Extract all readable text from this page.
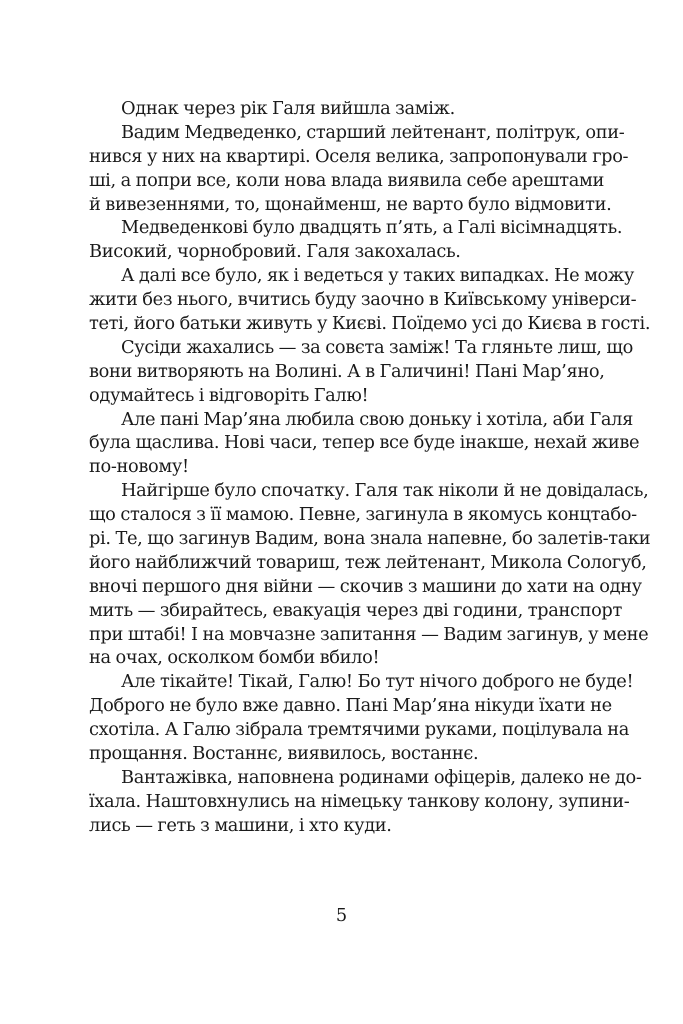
Однак через рік Галя вийшла заміж.
Вадим Медведенко, старший лейтенант, політрук, опи-
нився у них на квартирі. Оселя велика, запропонували гро-
ші, а попри все, коли нова влада виявила себе арештами
й вивезеннями, то, щонайменш, не варто було відмовити.
Медведенкові було двадцять п’ять, а Галі вісімнадцять.
Високий, чорнобровий. Галя закохалась.
А далі все було, як і ведеться у таких випадках. Не можу
жити без нього, вчитись буду заочно в Київському універси-
теті, його батьки живуть у Києві. Поїдемо усі до Києва в гості.
Сусіди жахались — за совєта заміж! Та гляньте лиш, що
вони витворяють на Волині. А в Галичині! Пані Мар’яно,
одумайтесь і відговоріть Галю!
Але пані Мар’яна любила свою доньку і хотіла, аби Галя
була щаслива. Нові часи, тепер все буде інакше, нехай живе
по-новому!
Найгірше було спочатку. Галя так ніколи й не довідалась,
що сталося з її мамою. Певне, загинула в якомусь концтабо-
рі. Те, що загинув Вадим, вона знала напевне, бо залетів-таки
його найближчий товариш, теж лейтенант, Микола Сологуб,
вночі першого дня війни — скочив з машини до хати на одну
мить — збирайтесь, евакуація через дві години, транспорт
при штабі! І на мовчазне запитання — Вадим загинув, у мене
на очах, осколком бомби вбило!
Але тікайте! Тікай, Галю! Бо тут нічого доброго не буде!
Доброго не було вже давно. Пані Мар’яна нікуди їхати не
схотіла. А Галю зібрала тремтячими руками, поцілувала на
прощання. Востаннє, виявилось, востаннє.
Вантажівка, наповнена родинами офіцерів, далеко не до-
їхала. Наштовхнулись на німецьку танкову колону, зупини-
лись — геть з машини, і хто куди.
5
